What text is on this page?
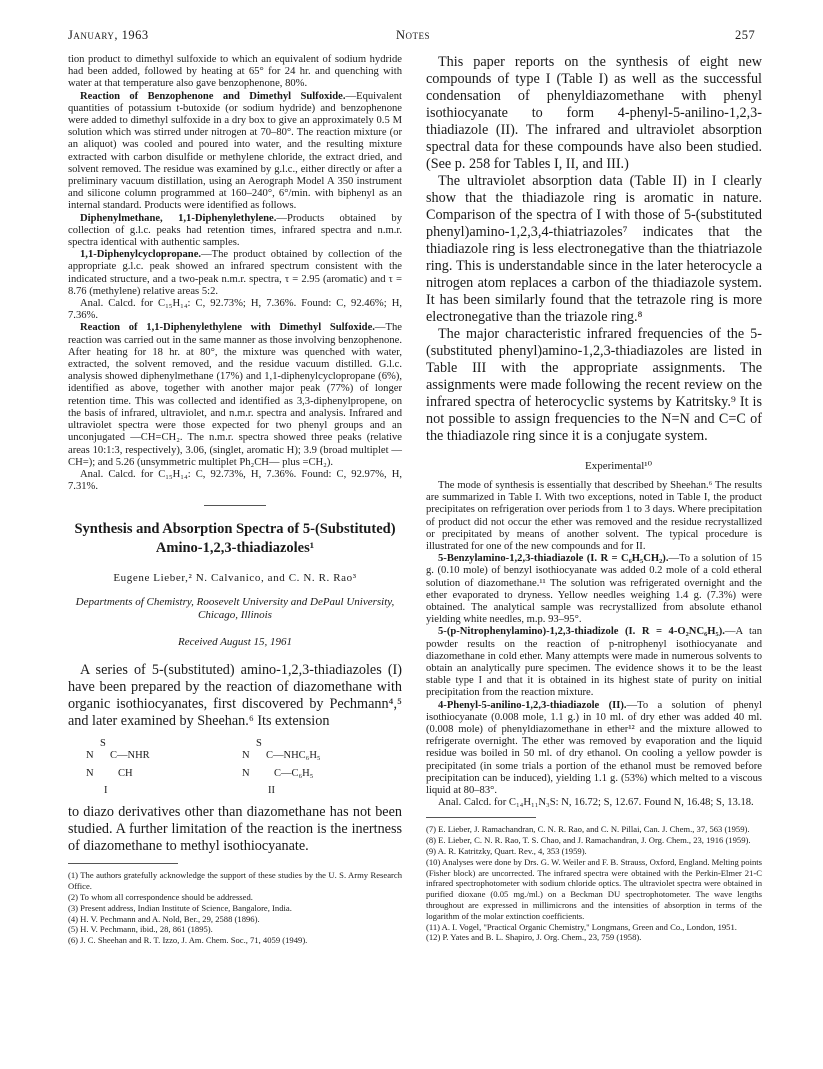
January, 1963	Notes	257

tion product to dimethyl sulfoxide to which an equivalent of sodium hydride had been added, followed by heating at 65° for 24 hr. and quenching with water at that temperature also gave benzophenone, 80%.

Reaction of Benzophenone and Dimethyl Sulfoxide.—Equivalent quantities of potassium t-butoxide (or sodium hydride) and benzophenone were added to dimethyl sulfoxide in a dry box to give an approximately 0.5 M solution which was stirred under nitrogen at 70–80°. The reaction mixture (or an aliquot) was cooled and poured into water, and the resulting mixture extracted with carbon disulfide or methylene chloride, the extract dried, and solvent removed. The residue was examined by g.l.c., either directly or after a preliminary vacuum distillation, using an Aerograph Model A 350 instrument and silicone column programmed at 160–240°, 6°/min. with biphenyl as an internal standard. Products were identified as follows.

Diphenylmethane, 1,1-Diphenylethylene.—Products obtained by collection of g.l.c. peaks had retention times, infrared spectra and n.m.r. spectra identical with authentic samples.

1,1-Diphenylcyclopropane.—The product obtained by collection of the appropriate g.l.c. peak showed an infrared spectrum consistent with the indicated structure, and a two-peak n.m.r. spectra, τ = 2.95 (aromatic) and τ = 8.76 (methylene) relative areas 5:2.

Anal. Calcd. for C₁₅H₁₄: C, 92.73%; H, 7.36%. Found: C, 92.46%; H, 7.36%.

Reaction of 1,1-Diphenylethylene with Dimethyl Sulfoxide.—The reaction was carried out in the same manner as those involving benzophenone. After heating for 18 hr. at 80°, the mixture was quenched with water, extracted, the solvent removed, and the residue vacuum distilled. G.l.c. analysis showed diphenylmethane (17%) and 1,1-diphenylcyclopropane (6%), identified as above, together with another major peak (77%) of longer retention time. This was collected and identified as 3,3-diphenylpropene, on the basis of infrared, ultraviolet, and n.m.r. spectra and analysis. Infrared and ultraviolet spectra were those expected for two phenyl groups and an unconjugated —CH=CH₂. The n.m.r. spectra showed three peaks (relative areas 10:1:3, respectively), 3.06, (singlet, aromatic H); 3.9 (broad multiplet —CH=); and 5.26 (unsymmetric multiplet Ph₂CH— plus =CH₂).

Anal. Calcd. for C₁₅H₁₄: C, 92.73%, H, 7.36%. Found: C, 92.97%, H, 7.31%.

Synthesis and Absorption Spectra of 5-(Substituted) Amino-1,2,3-thiadiazoles¹

Eugene Lieber,² N. Calvanico, and C. N. R. Rao³

Departments of Chemistry, Roosevelt University and DePaul University, Chicago, Illinois

Received August 15, 1961

A series of 5-(substituted) amino-1,2,3-thiadiazoles (I) have been prepared by the reaction of diazomethane with organic isothiocyanates, first discovered by Pechmann⁴,⁵ and later examined by Sheehan.⁶ Its extension

S
N C—NHR
N CH
I
S
N C—NHC₆H₅
N C—C₆H₅
II

to diazo derivatives other than diazomethane has not been studied. A further limitation of the reaction is the inertness of diazomethane to methyl isothiocyanate.

(1) The authors gratefully acknowledge the support of these studies by the U. S. Army Research Office.

(2) To whom all correspondence should be addressed.

(3) Present address, Indian Institute of Science, Bangalore, India.

(4) H. V. Pechmann and A. Nold, Ber., 29, 2588 (1896).

(5) H. V. Pechmann, ibid., 28, 861 (1895).

(6) J. C. Sheehan and R. T. Izzo, J. Am. Chem. Soc., 71, 4059 (1949).

This paper reports on the synthesis of eight new compounds of type I (Table I) as well as the successful condensation of phenyldiazomethane with phenyl isothiocyanate to form 4-phenyl-5-anilino-1,2,3-thiadiazole (II). The infrared and ultraviolet absorption spectral data for these compounds have also been studied. (See p. 258 for Tables I, II, and III.)

The ultraviolet absorption data (Table II) in I clearly show that the thiadiazole ring is aromatic in nature. Comparison of the spectra of I with those of 5-(substituted phenyl)amino-1,2,3,4-thiatriazoles⁷ indicates that the thiadiazole ring is less electronegative than the thiatriazole ring. This is understandable since in the later heterocycle a nitrogen atom replaces a carbon of the thiadiazole system. It has been similarly found that the tetrazole ring is more electronegative than the triazole ring.⁸

The major characteristic infrared frequencies of the 5-(substituted phenyl)amino-1,2,3-thiadiazoles are listed in Table III with the appropriate assignments. The assignments were made following the recent review on the infrared spectra of heterocyclic systems by Katritsky.⁹ It is not possible to assign frequencies to the N=N and C=C of the thiadiazole ring since it is a conjugate system.

Experimental¹⁰

The mode of synthesis is essentially that described by Sheehan.⁶ The results are summarized in Table I. With two exceptions, noted in Table I, the product precipitates on refrigeration over periods from 1 to 3 days. Where precipitation of product did not occur the ether was removed and the residue recrystallized or precipitated by means of another solvent. The typical procedure is illustrated for one of the new compounds and for II.

5-Benzylamino-1,2,3-thiadiazole (I. R = C₆H₅CH₂).—To a solution of 15 g. (0.10 mole) of benzyl isothiocyanate was added 0.2 mole of a cold etheral solution of diazomethane.¹¹ The solution was refrigerated overnight and the ether evaporated to dryness. Yellow needles weighing 1.4 g. (7.3%) were obtained. The analytical sample was recrystallized from absolute ethanol yielding white needles, m.p. 93–95°.

5-(p-Nitrophenylamino)-1,2,3-thiadizole (I. R = 4-O₂NC₆H₅).—A tan powder results on the reaction of p-nitrophenyl isothiocyanate and diazomethane in cold ether. Many attempts were made in numerous solvents to obtain an analytically pure specimen. The evidence shows it to be the least stable type I and that it is obtained in its highest state of purity on initial precipitation from the reaction mixture.

4-Phenyl-5-anilino-1,2,3-thiadiazole (II).—To a solution of phenyl isothiocyanate (0.008 mole, 1.1 g.) in 10 ml. of dry ether was added 40 ml. (0.008 mole) of phenyldiazomethane in ether¹² and the mixture allowed to refrigerate overnight. The ether was removed by evaporation and the liquid residue was boiled in 50 ml. of dry ethanol. On cooling a yellow powder is precipitated (in some trials a portion of the ethanol must be removed before precipitation can be induced), yielding 1.1 g. (53%) which melted to a viscous liquid at 80–83°.

Anal. Calcd. for C₁₄H₁₁N₃S: N, 16.72; S, 12.67. Found N, 16.48; S, 13.18.

(7) E. Lieber, J. Ramachandran, C. N. R. Rao, and C. N. Pillai, Can. J. Chem., 37, 563 (1959).

(8) E. Lieber, C. N. R. Rao, T. S. Chao, and J. Ramachandran, J. Org. Chem., 23, 1916 (1959).

(9) A. R. Katritzky, Quart. Rev., 4, 353 (1959).

(10) Analyses were done by Drs. G. W. Weiler and F. B. Strauss, Oxford, England. Melting points (Fisher block) are uncorrected. The infrared spectra were obtained with the Perkin-Elmer 21-C infrared spectrophotometer with sodium chloride optics. The ultraviolet spectra were obtained in purified dioxane (0.05 mg./ml.) on a Beckman DU spectrophotometer. The wave lengths throughout are expressed in millimicrons and the intensities of absorption in terms of the logarithm of the molar extinction coefficients.

(11) A. I. Vogel, "Practical Organic Chemistry," Longmans, Green and Co., London, 1951.

(12) P. Yates and B. L. Shapiro, J. Org. Chem., 23, 759 (1958).
